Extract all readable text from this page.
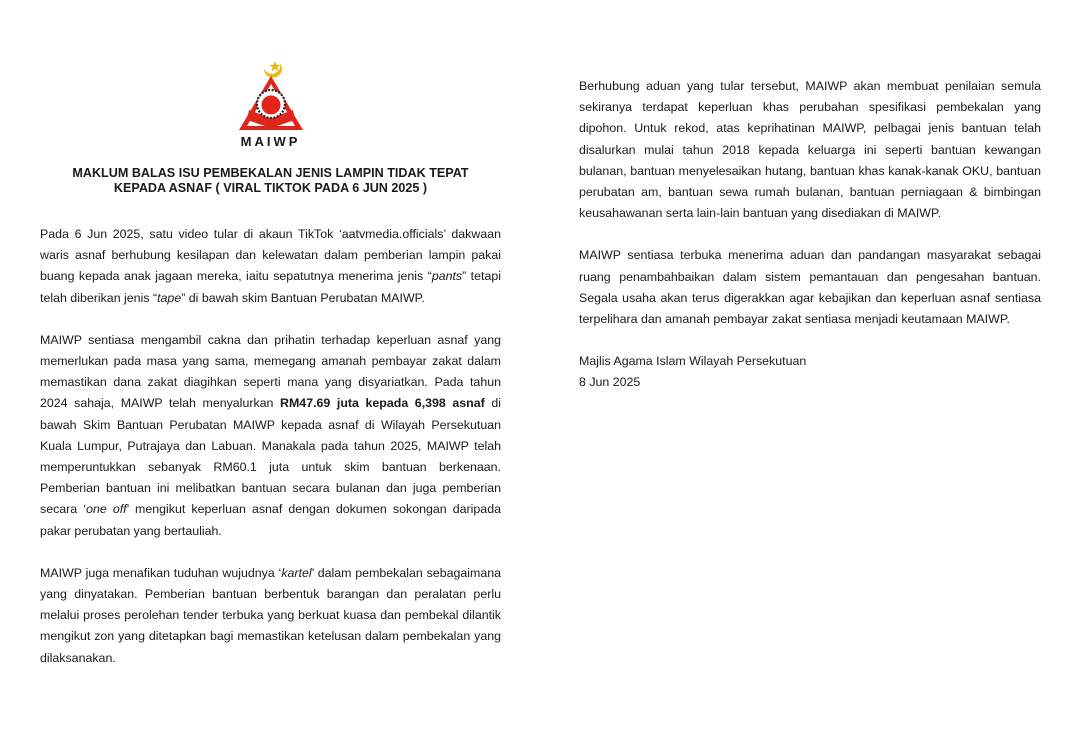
MAIWP
MAKLUM BALAS ISU PEMBEKALAN JENIS LAMPIN TIDAK TEPAT
KEPADA ASNAF ( VIRAL TIKTOK PADA 6 JUN 2025 )

Pada 6 Jun 2025, satu video tular di akaun TikTok ‘aatvmedia.officials’ dakwaan waris asnaf berhubung kesilapan dan kelewatan dalam pemberian lampin pakai buang kepada anak jagaan mereka, iaitu sepatutnya menerima jenis “pants” tetapi telah diberikan jenis “tape” di bawah skim Bantuan Perubatan MAIWP.

MAIWP sentiasa mengambil cakna dan prihatin terhadap keperluan asnaf yang memerlukan pada masa yang sama, memegang amanah pembayar zakat dalam memastikan dana zakat diagihkan seperti mana yang disyariatkan. Pada tahun 2024 sahaja, MAIWP telah menyalurkan RM47.69 juta kepada 6,398 asnaf di bawah Skim Bantuan Perubatan MAIWP kepada asnaf di Wilayah Persekutuan Kuala Lumpur, Putrajaya dan Labuan. Manakala pada tahun 2025, MAIWP telah memperuntukkan sebanyak RM60.1 juta untuk skim bantuan berkenaan. Pemberian bantuan ini melibatkan bantuan secara bulanan dan juga pemberian secara ‘one off’ mengikut keperluan asnaf dengan dokumen sokongan daripada pakar perubatan yang bertauliah.

MAIWP juga menafikan tuduhan wujudnya ‘kartel’ dalam pembekalan sebagaimana yang dinyatakan. Pemberian bantuan berbentuk barangan dan peralatan perlu melalui proses perolehan tender terbuka yang berkuat kuasa dan pembekal dilantik mengikut zon yang ditetapkan bagi memastikan ketelusan dalam pembekalan yang dilaksanakan.

Berhubung aduan yang tular tersebut, MAIWP akan membuat penilaian semula sekiranya terdapat keperluan khas perubahan spesifikasi pembekalan yang dipohon. Untuk rekod, atas keprihatinan MAIWP, pelbagai jenis bantuan telah disalurkan mulai tahun 2018 kepada keluarga ini seperti bantuan kewangan bulanan, bantuan menyelesaikan hutang, bantuan khas kanak-kanak OKU, bantuan perubatan am, bantuan sewa rumah bulanan, bantuan perniagaan & bimbingan keusahawanan serta lain-lain bantuan yang disediakan di MAIWP.

MAIWP sentiasa terbuka menerima aduan dan pandangan masyarakat sebagai ruang penambahbaikan dalam sistem pemantauan dan pengesahan bantuan. Segala usaha akan terus digerakkan agar kebajikan dan keperluan asnaf sentiasa terpelihara dan amanah pembayar zakat sentiasa menjadi keutamaan MAIWP.

Majlis Agama Islam Wilayah Persekutuan

8 Jun 2025
